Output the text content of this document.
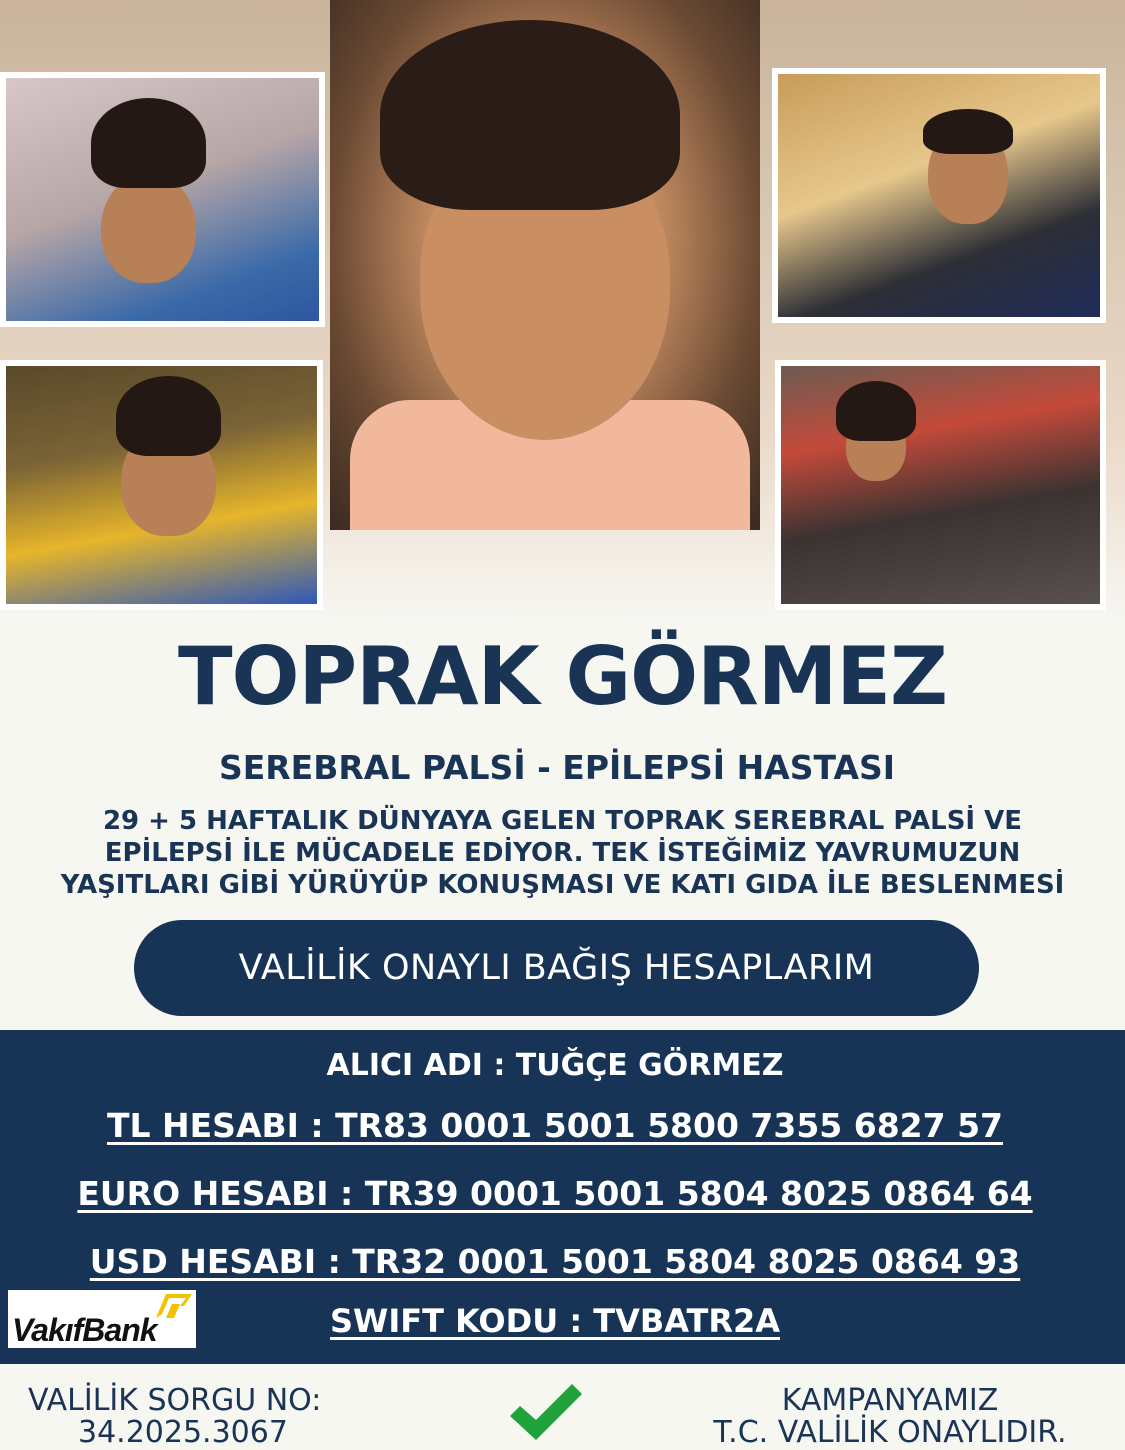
TOPRAK GÖRMEZ
SEREBRAL PALSİ - EPİLEPSİ HASTASI

29 + 5 HAFTALIK DÜNYAYA GELEN TOPRAK SEREBRAL PALSİ VE EPİLEPSİ İLE MÜCADELE EDİYOR. TEK İSTEĞİMİZ YAVRUMUZUN YAŞITLARI GİBİ YÜRÜYÜP KONUŞMASI VE KATI GIDA İLE BESLENMESİ

VALİLİK ONAYLI BAĞIŞ HESAPLARIM
ALICI ADI : TUĞÇE GÖRMEZ
TL HESABI : TR83 0001 5001 5800 7355 6827 57
EURO HESABI : TR39 0001 5001 5804 8025 0864 64
USD HESABI : TR32 0001 5001 5804 8025 0864 93
SWIFT KODU : TVBATR2A
VakıfBank
VALİLİK SORGU NO:
34.2025.3067
KAMPANYAMIZ
T.C. VALİLİK ONAYLIDIR.
